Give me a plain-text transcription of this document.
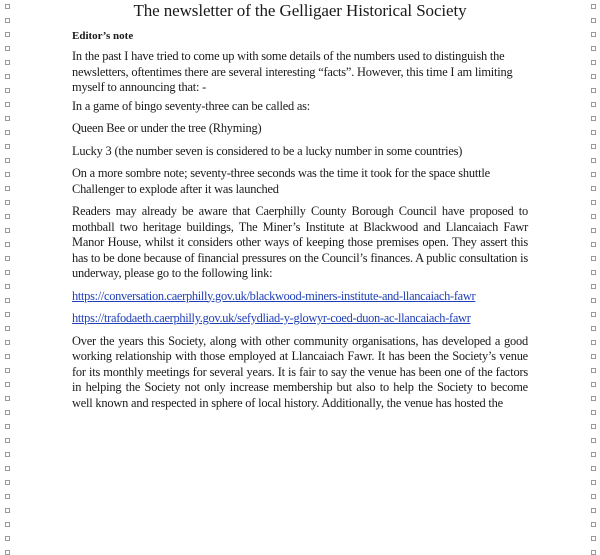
The newsletter of the Gelligaer Historical Society
Editor’s note

In the past I have tried to come up with some details of the numbers used to distinguish the newsletters, oftentimes there are several interesting “facts”. However, this time I am limiting myself to announcing that: -

In a game of bingo seventy-three can be called as:

Queen Bee or under the tree (Rhyming)

Lucky 3 (the number seven is considered to be a lucky number in some countries)

On a more sombre note; seventy-three seconds was the time it took for the space shuttle Challenger to explode after it was launched

Readers may already be aware that Caerphilly County Borough Council have proposed to mothball two heritage buildings, The Miner’s Institute at Blackwood and Llancaiach Fawr Manor House, whilst it considers other ways of keeping those premises open. They assert this has to be done because of financial pressures on the Council’s finances. A public consultation is underway, please go to the following link:

https://conversation.caerphilly.gov.uk/blackwood-miners-institute-and-llancaiach-fawr

https://trafodaeth.caerphilly.gov.uk/sefydliad-y-glowyr-coed-duon-ac-llancaiach-fawr

Over the years this Society, along with other community organisations, has developed a good working relationship with those employed at Llancaiach Fawr. It has been the Society’s venue for its monthly meetings for several years. It is fair to say the venue has been one of the factors in helping the Society not only increase membership but also to help the Society to become well known and respected in sphere of local history. Additionally, the venue has hosted the
